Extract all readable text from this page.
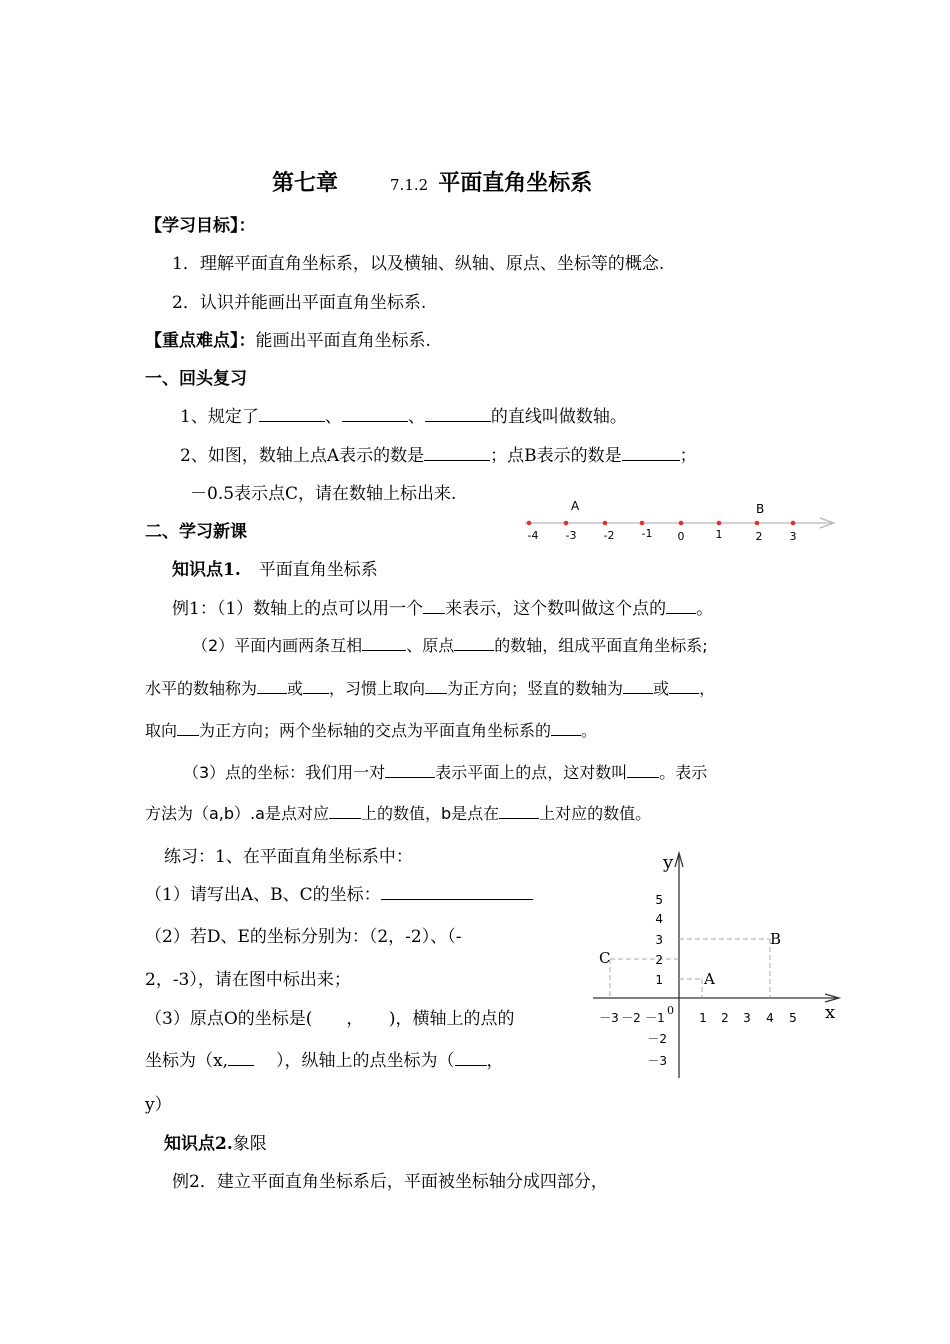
第七章	7.1.2 平面直角坐标系
【学习目标】：
1．理解平面直角坐标系，以及横轴、纵轴、原点、坐标等的概念.
2．认识并能画出平面直角坐标系.
【重点难点】：能画出平面直角坐标系.
一、回头复习
1、规定了	、	、	的直线叫做数轴。
2、如图，数轴上点A表示的数是	；点B表示的数是	；
－0.5表示点C，请在数轴上标出来.
-4 -3 -2 -1 0	1	2 3
A	B
二、学习新课
知识点1. 平面直角坐标系
例1：（1）数轴上的点可以用一个 来表示，这个数叫做这个点的 。
（2）平面内画两条互相	、原点	的数轴，组成平面直角坐标系;
水平的数轴称为 或 ，习惯上取向 为正方向；竖直的数轴为 或 ，
取向 为正方向；两个坐标轴的交点为平面直角坐标系的 。
（3）点的坐标：我们用一对	表示平面上的点，这对数叫 。表示
方法为（a,b）.a是点对应 上的数值，b是点在	上对应的数值。
练习：1、在平面直角坐标系中：
（1）请写出A、B、C的坐标：
（2）若D、E的坐标分别为：（2，-2）、（-
2，-3），请在图中标出来；
（3）原点O的坐标是(　　，　　)，横轴上的点的
坐标为（x,	），纵轴上的点坐标为（ ，
y）
x
y
0
1 2 3 4 5
－3 －2 －1
1
2
3
4
5
－2
－3
A
B
C
知识点2.象限
例2．建立平面直角坐标系后，平面被坐标轴分成四部分，
